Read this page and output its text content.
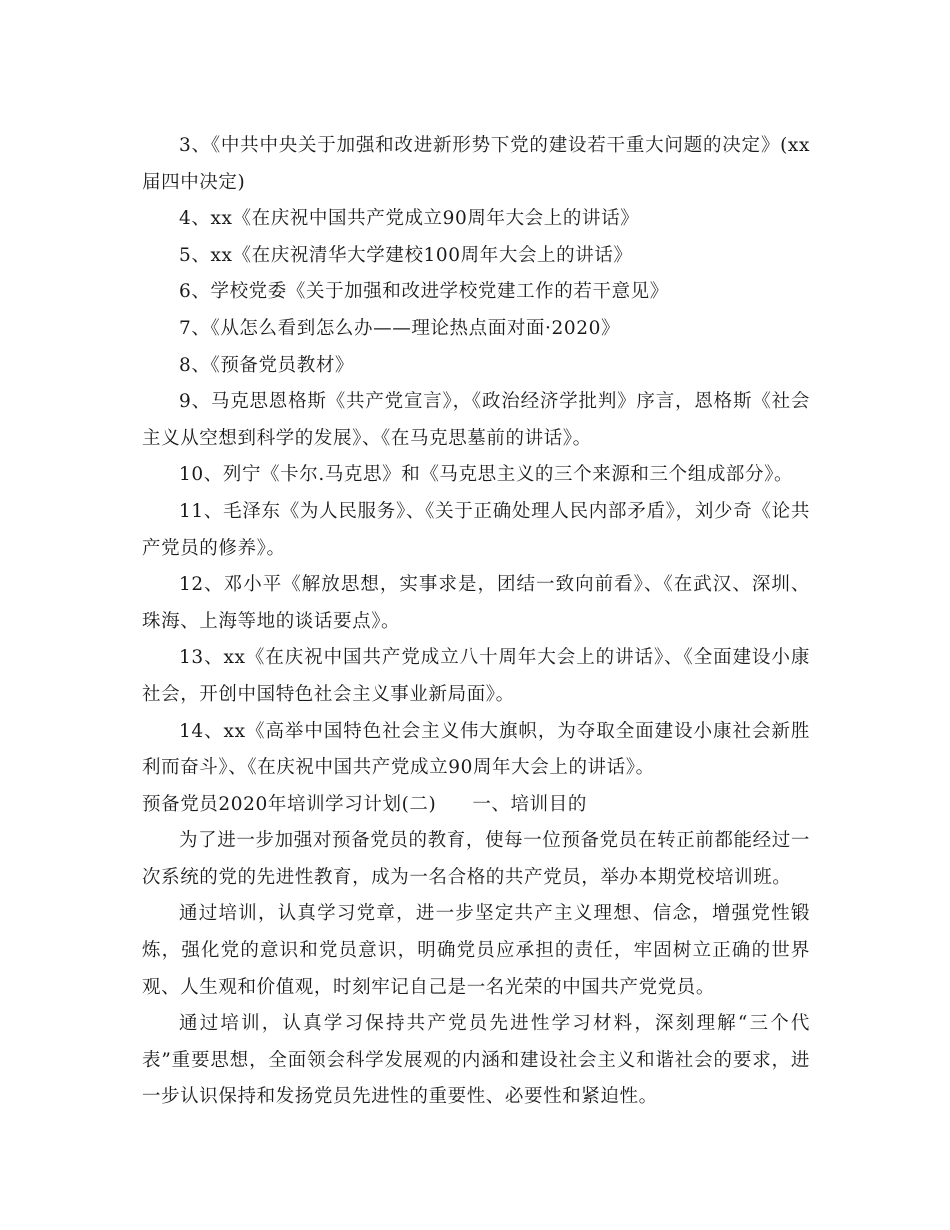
3、《中共中央关于加强和改进新形势下党的建设若干重大问题的决定》(xx届四中决定)

4、xx《在庆祝中国共产党成立90周年大会上的讲话》

5、xx《在庆祝清华大学建校100周年大会上的讲话》

6、学校党委《关于加强和改进学校党建工作的若干意见》

7、《从怎么看到怎么办——理论热点面对面·2020》

8、《预备党员教材》

9、马克思恩格斯《共产党宣言》，《政治经济学批判》序言，恩格斯《社会主义从空想到科学的发展》、《在马克思墓前的讲话》。

10、列宁《卡尔.马克思》和《马克思主义的三个来源和三个组成部分》。

11、毛泽东《为人民服务》、《关于正确处理人民内部矛盾》，刘少奇《论共产党员的修养》。

12、邓小平《解放思想，实事求是，团结一致向前看》、《在武汉、深圳、珠海、上海等地的谈话要点》。

13、xx《在庆祝中国共产党成立八十周年大会上的讲话》、《全面建设小康社会，开创中国特色社会主义事业新局面》。

14、xx《高举中国特色社会主义伟大旗帜，为夺取全面建设小康社会新胜利而奋斗》、《在庆祝中国共产党成立90周年大会上的讲话》。

预备党员2020年培训学习计划(二) 一、培训目的

为了进一步加强对预备党员的教育，使每一位预备党员在转正前都能经过一次系统的党的先进性教育，成为一名合格的共产党员，举办本期党校培训班。

通过培训，认真学习党章，进一步坚定共产主义理想、信念，增强党性锻炼，强化党的意识和党员意识，明确党员应承担的责任，牢固树立正确的世界观、人生观和价值观，时刻牢记自己是一名光荣的中国共产党党员。

通过培训，认真学习保持共产党员先进性学习材料，深刻理解“三个代表”重要思想，全面领会科学发展观的内涵和建设社会主义和谐社会的要求，进一步认识保持和发扬党员先进性的重要性、必要性和紧迫性。
